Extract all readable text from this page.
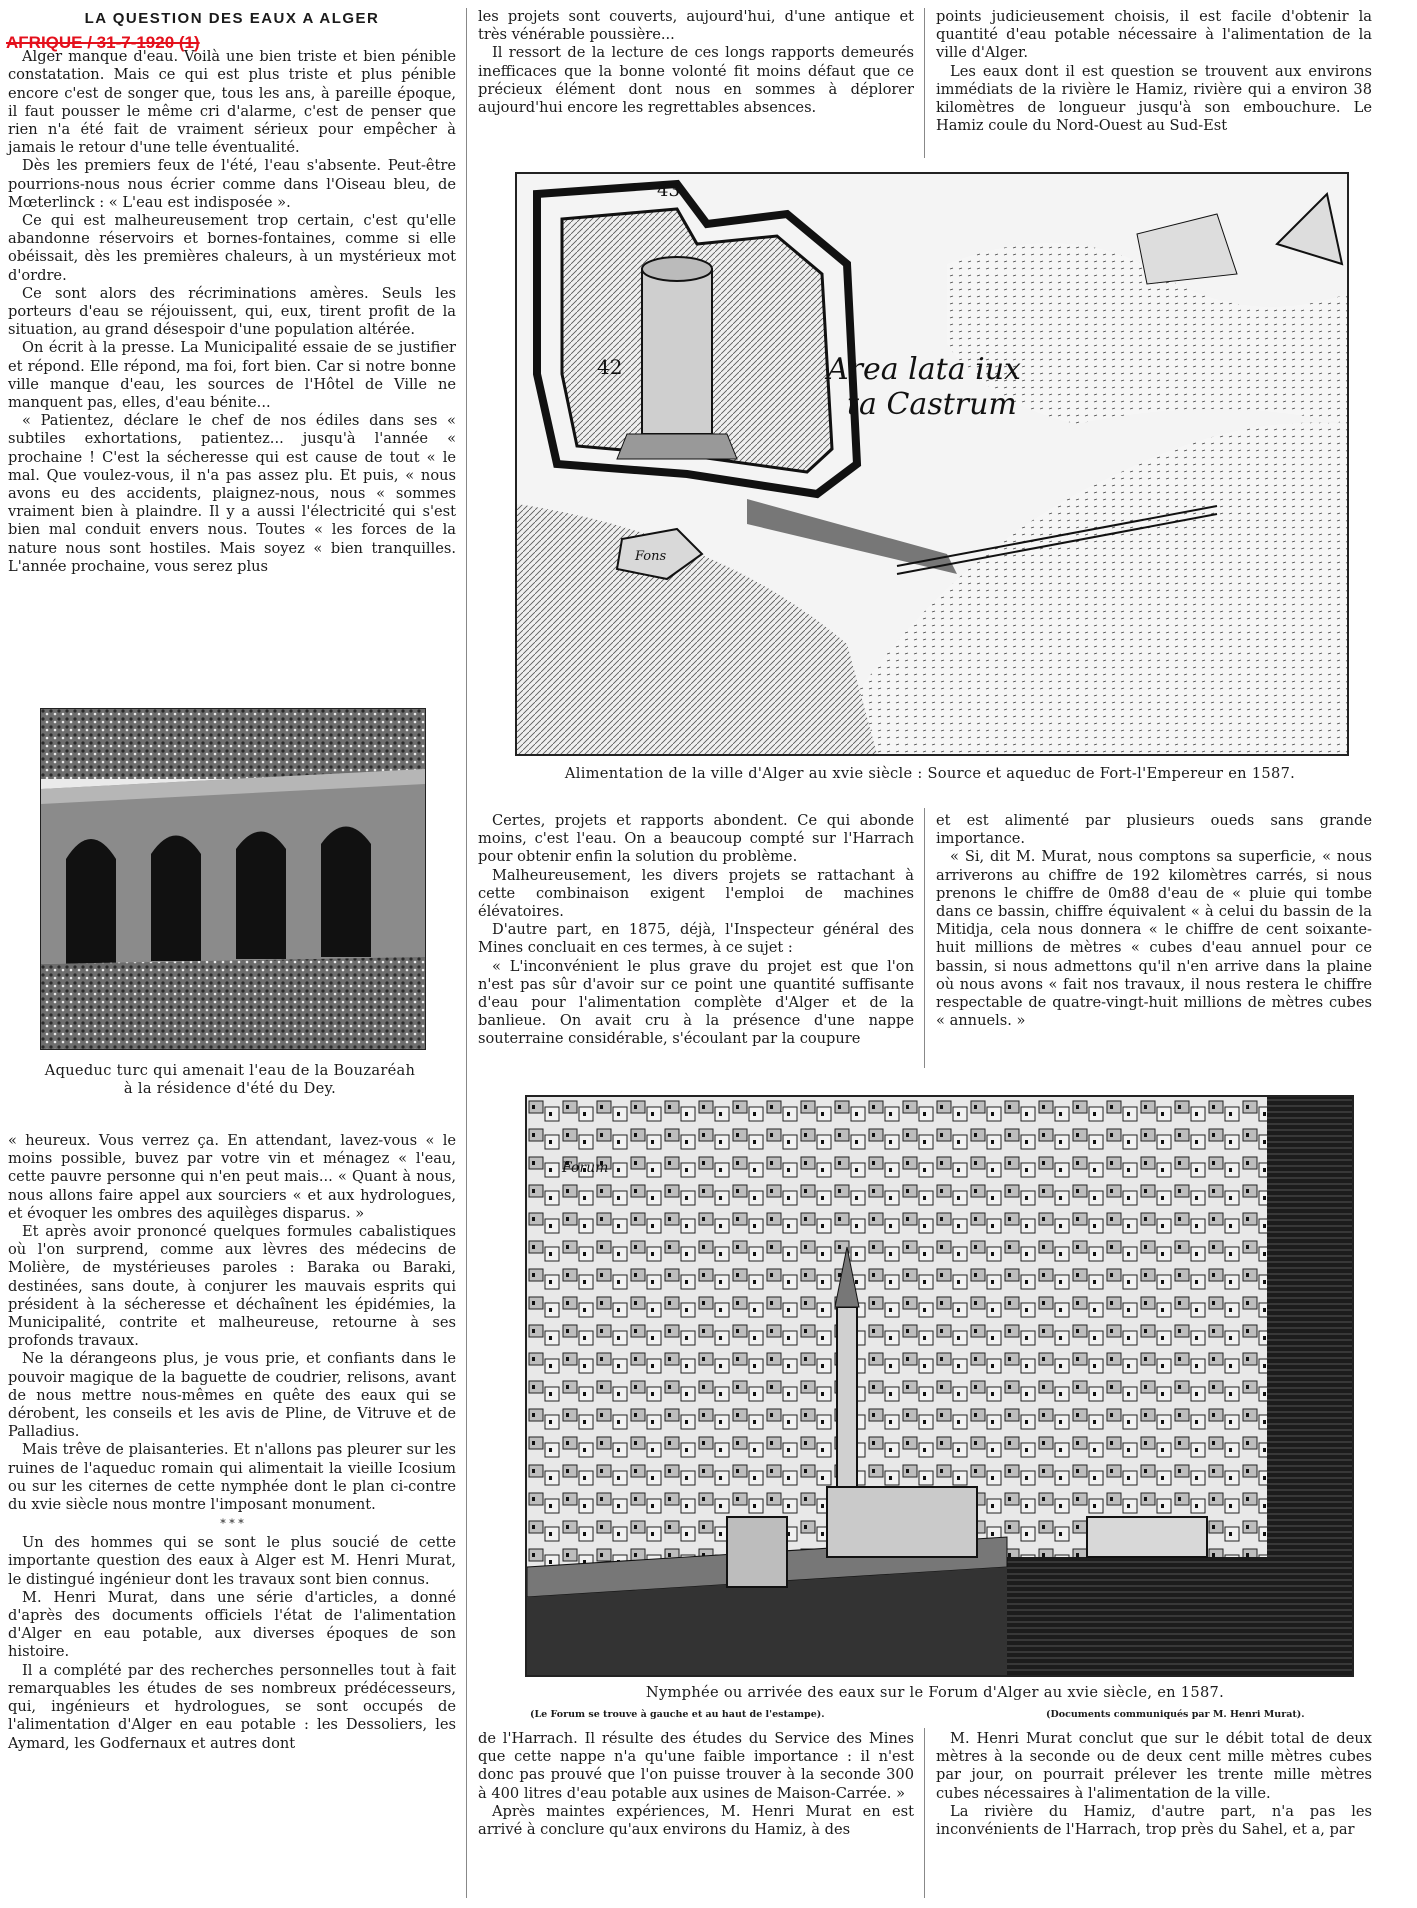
AFRIQUE / 31-7-1920 (1)
LA QUESTION DES EAUX A ALGER

Alger manque d'eau. Voilà une bien triste et bien pénible constatation. Mais ce qui est plus triste et plus pénible encore c'est de songer que, tous les ans, à pareille époque, il faut pousser le même cri d'alarme, c'est de penser que rien n'a été fait de vraiment sérieux pour empêcher à jamais le retour d'une telle éventualité.

Dès les premiers feux de l'été, l'eau s'absente. Peut-être pourrions-nous nous écrier comme dans l'Oiseau bleu, de Mœterlinck : « L'eau est indisposée ».

Ce qui est malheureusement trop certain, c'est qu'elle abandonne réservoirs et bornes-fontaines, comme si elle obéissait, dès les premières chaleurs, à un mystérieux mot d'ordre.

Ce sont alors des récriminations amères. Seuls les porteurs d'eau se réjouissent, qui, eux, tirent profit de la situation, au grand désespoir d'une population altérée.

On écrit à la presse. La Municipalité essaie de se justifier et répond. Elle répond, ma foi, fort bien. Car si notre bonne ville manque d'eau, les sources de l'Hôtel de Ville ne manquent pas, elles, d'eau bénite...

« Patientez, déclare le chef de nos édiles dans ses « subtiles exhortations, patientez... jusqu'à l'année « prochaine ! C'est la sécheresse qui est cause de tout « le mal. Que voulez-vous, il n'a pas assez plu. Et puis, « nous avons eu des accidents, plaignez-nous, nous « sommes vraiment bien à plaindre. Il y a aussi l'électricité qui s'est bien mal conduit envers nous. Toutes « les forces de la nature nous sont hostiles. Mais soyez « bien tranquilles. L'année prochaine, vous serez plus

Aqueduc turc qui amenait l'eau de la Bouzaréah
à la résidence d'été du Dey.

« heureux. Vous verrez ça. En attendant, lavez-vous « le moins possible, buvez par votre vin et ménagez « l'eau, cette pauvre personne qui n'en peut mais... « Quant à nous, nous allons faire appel aux sourciers « et aux hydrologues, et évoquer les ombres des aquilèges disparus. »

Et après avoir prononcé quelques formules cabalistiques où l'on surprend, comme aux lèvres des médecins de Molière, de mystérieuses paroles : Baraka ou Baraki, destinées, sans doute, à conjurer les mauvais esprits qui président à la sécheresse et déchaînent les épidémies, la Municipalité, contrite et malheureuse, retourne à ses profonds travaux.

Ne la dérangeons plus, je vous prie, et confiants dans le pouvoir magique de la baguette de coudrier, relisons, avant de nous mettre nous-mêmes en quête des eaux qui se dérobent, les conseils et les avis de Pline, de Vitruve et de Palladius.

Mais trêve de plaisanteries. Et n'allons pas pleurer sur les ruines de l'aqueduc romain qui alimentait la vieille Icosium ou sur les citernes de cette nymphée dont le plan ci-contre du xvie siècle nous montre l'imposant monument.

* * *

Un des hommes qui se sont le plus soucié de cette importante question des eaux à Alger est M. Henri Murat, le distingué ingénieur dont les travaux sont bien connus.

M. Henri Murat, dans une série d'articles, a donné d'après des documents officiels l'état de l'alimentation d'Alger en eau potable, aux diverses époques de son histoire.

Il a complété par des recherches personnelles tout à fait remarquables les études de ses nombreux prédécesseurs, qui, ingénieurs et hydrologues, se sont occupés de l'alimentation d'Alger en eau potable : les Dessoliers, les Aymard, les Godfernaux et autres dont

les projets sont couverts, aujourd'hui, d'une antique et très vénérable poussière...

Il ressort de la lecture de ces longs rapports demeurés inefficaces que la bonne volonté fit moins défaut que ce précieux élément dont nous en sommes à déplorer aujourd'hui encore les regrettables absences.

points judicieusement choisis, il est facile d'obtenir la quantité d'eau potable nécessaire à l'alimentation de la ville d'Alger.

Les eaux dont il est question se trouvent aux environs immédiats de la rivière le Hamiz, rivière qui a environ 38 kilomètres de longueur jusqu'à son embouchure. Le Hamiz coule du Nord-Ouest au Sud-Est

Area lata iux
ta Castrum
42
43
Fons
Alimentation de la ville d'Alger au xvie siècle : Source et aqueduc de Fort-l'Empereur en 1587.

Certes, projets et rapports abondent. Ce qui abonde moins, c'est l'eau. On a beaucoup compté sur l'Harrach pour obtenir enfin la solution du problème.

Malheureusement, les divers projets se rattachant à cette combinaison exigent l'emploi de machines élévatoires.

D'autre part, en 1875, déjà, l'Inspecteur général des Mines concluait en ces termes, à ce sujet :

« L'inconvénient le plus grave du projet est que l'on n'est pas sûr d'avoir sur ce point une quantité suffisante d'eau pour l'alimentation complète d'Alger et de la banlieue. On avait cru à la présence d'une nappe souterraine considérable, s'écoulant par la coupure

et est alimenté par plusieurs oueds sans grande importance.

« Si, dit M. Murat, nous comptons sa superficie, « nous arriverons au chiffre de 192 kilomètres carrés, si nous prenons le chiffre de 0m88 d'eau de « pluie qui tombe dans ce bassin, chiffre équivalent « à celui du bassin de la Mitidja, cela nous donnera « le chiffre de cent soixante-huit millions de mètres « cubes d'eau annuel pour ce bassin, si nous admettons qu'il n'en arrive dans la plaine où nous avons « fait nos travaux, il nous restera le chiffre respectable de quatre-vingt-huit millions de mètres cubes « annuels. »

Forum
Nymphée ou arrivée des eaux sur le Forum d'Alger au xvie siècle, en 1587.
(Le Forum se trouve à gauche et au haut de l'estampe).	(Documents communiqués par M. Henri Murat).

de l'Harrach. Il résulte des études du Service des Mines que cette nappe n'a qu'une faible importance : il n'est donc pas prouvé que l'on puisse trouver à la seconde 300 à 400 litres d'eau potable aux usines de Maison-Carrée. »

Après maintes expériences, M. Henri Murat en est arrivé à conclure qu'aux environs du Hamiz, à des

M. Henri Murat conclut que sur le débit total de deux mètres à la seconde ou de deux cent mille mètres cubes par jour, on pourrait prélever les trente mille mètres cubes nécessaires à l'alimentation de la ville.

La rivière du Hamiz, d'autre part, n'a pas les inconvénients de l'Harrach, trop près du Sahel, et a, par
